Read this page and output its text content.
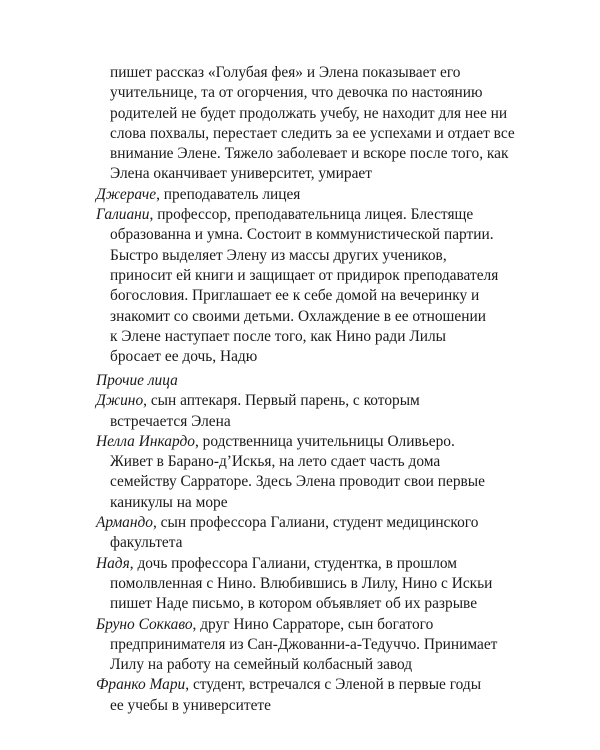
пишет рассказ «Голубая фея» и Элена показывает его
учительнице, та от огорчения, что девочка по настоянию
родителей не будет продолжать учебу, не находит для нее ни
слова похвалы, перестает следить за ее успехами и отдает все
внимание Элене. Тяжело заболевает и вскоре после того, как
Элена оканчивает университет, умирает
Джераче, преподаватель лицея
Галиани, профессор, преподавательница лицея. Блестяще
образованна и умна. Состоит в коммунистической партии.
Быстро выделяет Элену из массы других учеников,
приносит ей книги и защищает от придирок преподавателя
богословия. Приглашает ее к себе домой на вечеринку и
знакомит со своими детьми. Охлаждение в ее отношении
к Элене наступает после того, как Нино ради Лилы
бросает ее дочь, Надю
Прочие лица
Джино, сын аптекаря. Первый парень, с которым
встречается Элена
Нелла Инкардо, родственница учительницы Оливьеро.
Живет в Барано-д’Искья, на лето сдает часть дома
семейству Сарраторе. Здесь Элена проводит свои первые
каникулы на море
Армандо, сын профессора Галиани, студент медицинского
факультета
Надя, дочь профессора Галиани, студентка, в прошлом
помолвленная с Нино. Влюбившись в Лилу, Нино с Искьи
пишет Наде письмо, в котором объявляет об их разрыве
Бруно Соккаво, друг Нино Сарраторе, сын богатого
предпринимателя из Сан-Джованни-а-Тедуччо. Принимает
Лилу на работу на семейный колбасный завод
Франко Мари, студент, встречался с Эленой в первые годы
ее учебы в университете
